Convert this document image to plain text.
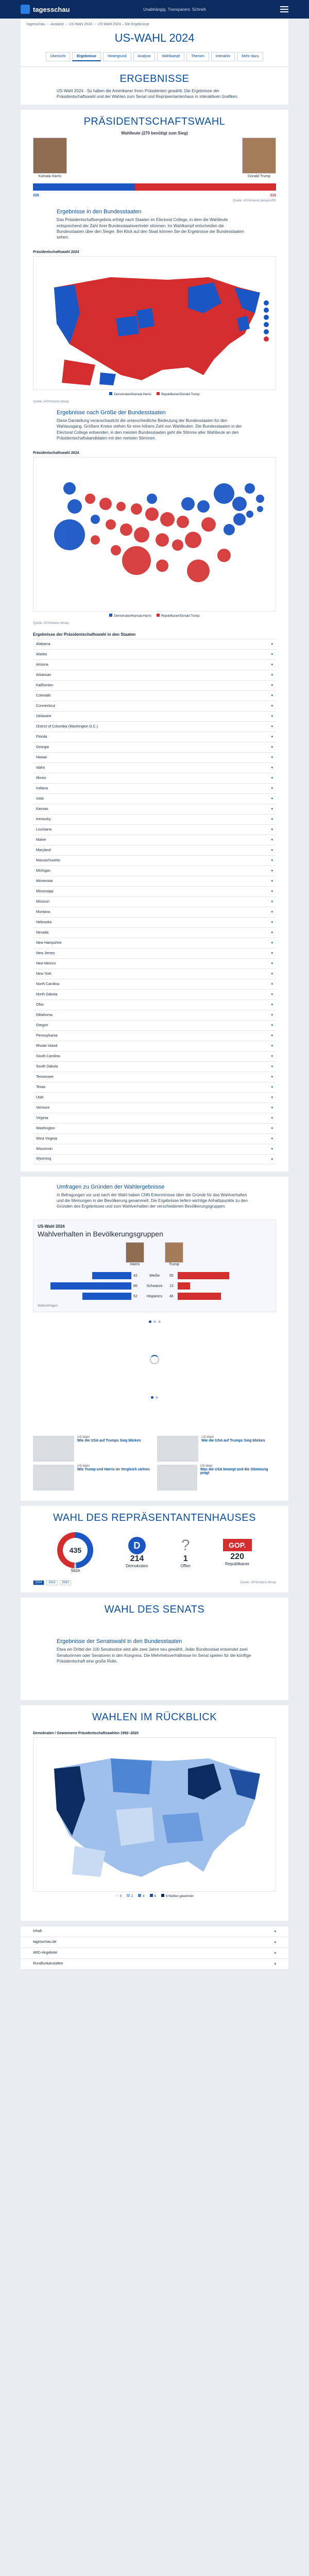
tagesschau	Unabhängig. Transparent. Schnell.
tagesschau › Ausland › US-Wahl 2024 › US-Wahl 2024 – Die Ergebnisse
US-WAHL 2024
Übersicht	Ergebnisse	Hintergrund	Analyse	Wahlkampf	Themen	Interaktiv	Mehr dazu
ERGEBNISSE
US-Wahl 2024 - So haben die Amerikaner ihren Präsidenten gewählt. Die Ergebnisse der Präsidentschaftswahl und der Wahlen zum Senat und Repräsentantenhaus in interaktiven Grafiken.
PRÄSIDENTSCHAFTSWAHL
Wahlleute (270 benötigt zum Sieg)
Kamala Harris	Donald Trump
226	312
Quelle: AP/Infratest dimap/ARD
Ergebnisse in den Bundesstaaten
Das Präsidentschaftsergebnis erfolgt nach Staaten im Electoral College, in dem die Wahlleute entsprechend der Zahl ihrer Bundesstaatsvertreter stimmen. Im Wahlkampf entscheiden die Bundesstaaten über den Sieger. Bei Klick auf den Staat können Sie die Ergebnisse der Bundesstaaten sehen.
Präsidentschaftswahl 2024
Demokraten/Kamala Harris	Republikaner/Donald Trump
Quelle: AP/Infratest dimap
Ergebnisse nach Größe der Bundesstaaten
Diese Darstellung veranschaulicht die unterschiedliche Bedeutung der Bundesstaaten für den Wahlausgang. Größere Kreise stehen für eine höhere Zahl von Wahlleuten. Die Bundesstaaten in der Electoral College entsenden, in den meisten Bundesstaaten geht die Stimme aller Wahlleute an den Präsidentschaftskandidaten mit den meisten Stimmen.
Präsidentschaftswahl 2024
Demokraten/Kamala Harris	Republikaner/Donald Trump
Quelle: AP/Infratest dimap
Ergebnisse der Präsidentschaftswahl in den Staaten
Alabama	▾
Alaska	▾
Arizona	▾
Arkansas	▾
Kalifornien	▾
Colorado	▾
Connecticut	▾
Delaware	▾
District of Columbia (Washington D.C.)	▾
Florida	▾
Georgia	▾
Hawaii	▾
Idaho	▾
Illinois	▾
Indiana	▾
Iowa	▾
Kansas	▾
Kentucky	▾
Louisiana	▾
Maine	▾
Maryland	▾
Massachusetts	▾
Michigan	▾
Minnesota	▾
Mississippi	▾
Missouri	▾
Montana	▾
Nebraska	▾
Nevada	▾
New Hampshire	▾
New Jersey	▾
New Mexico	▾
New York	▾
North Carolina	▾
North Dakota	▾
Ohio	▾
Oklahoma	▾
Oregon	▾
Pennsylvania	▾
Rhode Island	▾
South Carolina	▾
South Dakota	▾
Tennessee	▾
Texas	▾
Utah	▾
Vermont	▾
Virginia	▾
Washington	▾
West Virginia	▾
Wisconsin	▾
Wyoming	▾
Umfragen zu Gründen der Wahlergebnisse
In Befragungen vor und nach der Wahl haben CNN Erkenntnisse über die Gründe für das Wahlverhalten und die Meinungen in der Bevölkerung gesammelt. Die Ergebnisse liefern wichtige Anhaltspunkte zu den Gründen des Ergebnisses und zum Wahlverhalten der verschiedenen Bevölkerungsgruppen.
US-Wahl 2024
Wahlverhalten in Bevölkerungsgruppen
Harris	Trump
42	Weiße	55
86	Schwarze	13
52	Hispanics	46
Wahlumfragen
US-Wahl
Wie die USA auf Trumps Sieg blicken
US-Wahl
Wie die USA auf Trumps Sieg blicken
US-Wahl
Wie Trump und Harris im Vergleich stehen
US-Wahl
Was die USA bewegt und die Stimmung prägt
WAHL DES REPRÄSENTANTENHAUSES
435
Sitze
D
214
Demokraten
?
1
Offen
GOP.
220
Republikaner
2024	2022	2020	Quelle: AP/Infratest dimap
WAHL DES SENATS
Ergebnisse der Senatswahl in den Bundesstaaten
Etwa ein Drittel der 100 Senatssitze wird alle zwei Jahre neu gewählt. Jeder Bundesstaat entsendet zwei Senatorinnen oder Senatoren in den Kongress. Die Mehrheitsverhältnisse im Senat spielen für die künftige Präsidentschaft eine große Rolle.
WAHLEN IM RÜCKBLICK
Demokraten / Gewonnene Präsidentschaftswahlen 1992–2020
0	2	4	6	8 Wahlen gewonnen
Inhalt	▾
tagesschau.de	▾
ARD-Angebote	▾
Rundfunkanstalten	▾
